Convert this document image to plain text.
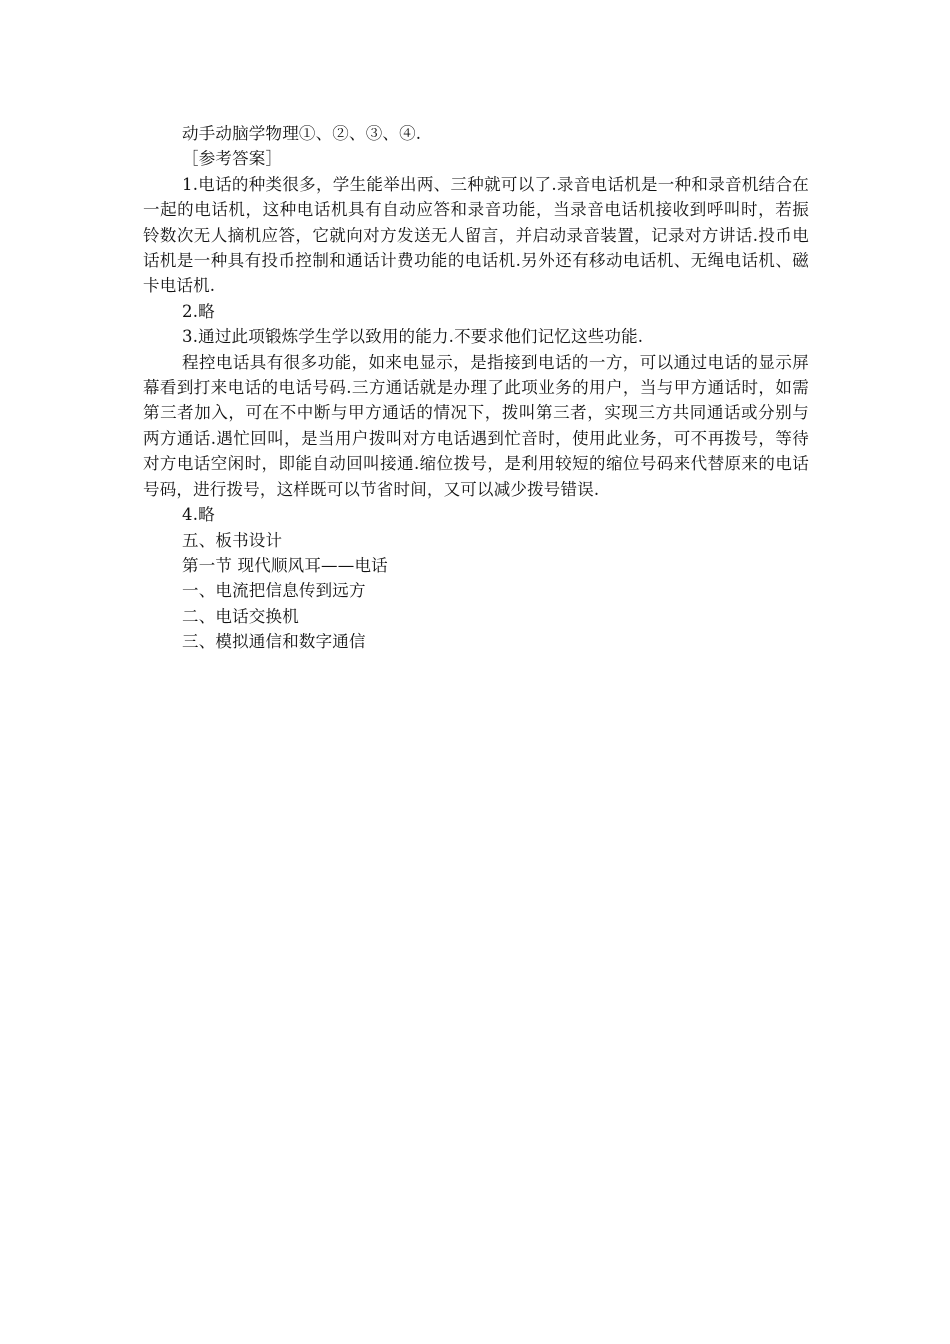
动手动脑学物理①、②、③、④.

［参考答案］

1.电话的种类很多，学生能举出两、三种就可以了.录音电话机是一种和录音机结合在一起的电话机，这种电话机具有自动应答和录音功能，当录音电话机接收到呼叫时，若振铃数次无人摘机应答，它就向对方发送无人留言，并启动录音装置，记录对方讲话.投币电话机是一种具有投币控制和通话计费功能的电话机.另外还有移动电话机、无绳电话机、磁卡电话机.

2.略

3.通过此项锻炼学生学以致用的能力.不要求他们记忆这些功能.

程控电话具有很多功能，如来电显示，是指接到电话的一方，可以通过电话的显示屏幕看到打来电话的电话号码.三方通话就是办理了此项业务的用户，当与甲方通话时，如需第三者加入，可在不中断与甲方通话的情况下，拨叫第三者，实现三方共同通话或分别与两方通话.遇忙回叫，是当用户拨叫对方电话遇到忙音时，使用此业务，可不再拨号，等待对方电话空闲时，即能自动回叫接通.缩位拨号，是利用较短的缩位号码来代替原来的电话号码，进行拨号，这样既可以节省时间，又可以减少拨号错误.

4.略

五、板书设计

第一节 现代顺风耳——电话

一、电流把信息传到远方

二、电话交换机

三、模拟通信和数字通信
